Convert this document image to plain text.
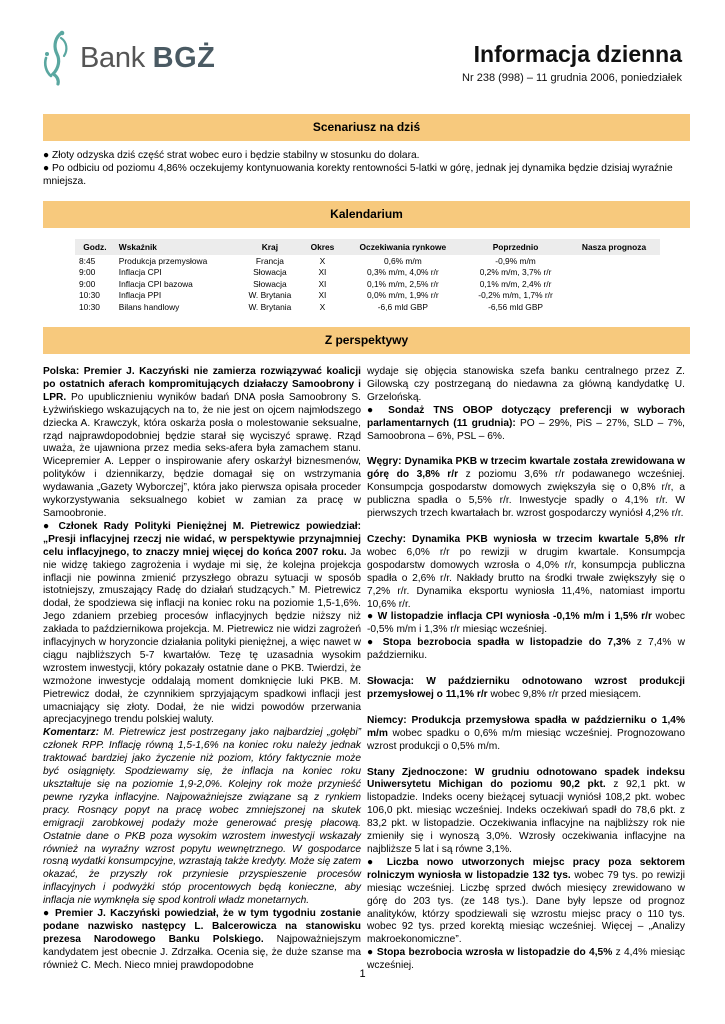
Bank BGŻ	Informacja dzienna
Nr 238 (998) – 11 grudnia 2006, poniedziałek
Scenariusz na dziś

● Złoty odzyska dziś część strat wobec euro i będzie stabilny w stosunku do dolara.

● Po odbiciu od poziomu 4,86% oczekujemy kontynuowania korekty rentowności 5-latki w górę, jednak jej dynamika będzie dzisiaj wyraźnie mniejsza.

Kalendarium
Godz.	Wskaźnik	Kraj	Okres	Oczekiwania rynkowe	Poprzednio	Nasza prognoza
8:45	Produkcja przemysłowa	Francja	X	0,6% m/m	-0,9% m/m	
9:00	Inflacja CPI	Słowacja	XI	0,3% m/m, 4,0% r/r	0,2% m/m, 3,7% r/r	
9:00	Inflacja CPI bazowa	Słowacja	XI	0,1% m/m, 2,5% r/r	0,1% m/m, 2,4% r/r	
10:30	Inflacja PPI	W. Brytania	XI	0,0% m/m, 1,9% r/r	-0,2% m/m, 1,7% r/r	
10:30	Bilans handlowy	W. Brytania	X	-6,6 mld GBP	-6,56 mld GBP	
Z perspektywy

Polska: Premier J. Kaczyński nie zamierza rozwiązywać koalicji po ostatnich aferach kompromitujących działaczy Samoobrony i LPR. Po upublicznieniu wyników badań DNA posła Samoobrony S. Łyżwińskiego wskazujących na to, że nie jest on ojcem najmłodszego dziecka A. Krawczyk, która oskarża posła o molestowanie seksualne, rząd najprawdopodobniej będzie starał się wyciszyć sprawę. Rząd uważa, że ujawniona przez media seks-afera była zamachem stanu. Wicepremier A. Lepper o inspirowanie afery oskarżył biznesmenów, polityków i dziennikarzy, będzie domagał się on wstrzymania wydawania „Gazety Wyborczej”, która jako pierwsza opisała proceder wykorzystywania seksualnego kobiet w zamian za pracę w Samoobronie.

● Członek Rady Polityki Pieniężnej M. Pietrewicz powiedział: „Presji inflacyjnej rzeczj nie widać, w perspektywie przynajmniej celu inflacyjnego, to znaczy mniej więcej do końca 2007 roku. Ja nie widzę takiego zagrożenia i wydaje mi się, że kolejna projekcja inflacji nie powinna zmienić przyszłego obrazu sytuacji w sposób istotniejszy, zmuszający Radę do działań studzących.” M. Pietrewicz dodał, że spodziewa się inflacji na koniec roku na poziomie 1,5-1,6%. Jego zdaniem przebieg procesów inflacyjnych będzie niższy niż zakłada to październikowa projekcja. M. Pietrewicz nie widzi zagrożeń inflacyjnych w horyzoncie działania polityki pieniężnej, a więc nawet w ciągu najbliższych 5-7 kwartałów. Tezę tę uzasadnia wysokim wzrostem inwestycji, który pokazały ostatnie dane o PKB. Twierdzi, że wzmożone inwestycje oddalają moment domknięcie luki PKB. M. Pietrewicz dodał, że czynnikiem sprzyjającym spadkowi inflacji jest umacniający się złoty. Dodał, że nie widzi powodów przerwania aprecjacyjnego trendu polskiej waluty.

Komentarz: M. Pietrewicz jest postrzegany jako najbardziej „gołębi” członek RPP. Inflację równą 1,5-1,6% na koniec roku należy jednak traktować bardziej jako życzenie niż poziom, który faktycznie może być osiągnięty. Spodziewamy się, że inflacja na koniec roku ukształtuje się na poziomie 1,9-2,0%. Kolejny rok może przynieść pewne ryzyka inflacyjne. Najpoważniejsze związane są z rynkiem pracy. Rosnący popyt na pracę wobec zmniejszonej na skutek emigracji zarobkowej podaży może generować presję płacową. Ostatnie dane o PKB poza wysokim wzrostem inwestycji wskazały również na wyraźny wzrost popytu wewnętrznego. W gospodarce rosną wydatki konsumpcyjne, wzrastają także kredyty. Może się zatem okazać, że przyszły rok przyniesie przyspieszenie procesów inflacyjnych i podwyżki stóp procentowych będą konieczne, aby inflacja nie wymknęła się spod kontroli władz monetarnych.

● Premier J. Kaczyński powiedział, że w tym tygodniu zostanie podane nazwisko następcy L. Balcerowicza na stanowisku prezesa Narodowego Banku Polskiego. Najpoważniejszym kandydatem jest obecnie J. Zdrzałka. Ocenia się, że duże szanse ma również C. Mech. Nieco mniej prawdopodobne

wydaje się objęcia stanowiska szefa banku centralnego przez Z. Gilowską czy postrzeganą do niedawna za główną kandydatkę U. Grzelońską.

● Sondaż TNS OBOP dotyczący preferencji w wyborach parlamentarnych (11 grudnia): PO – 29%, PiS – 27%, SLD – 7%, Samoobrona – 6%, PSL – 6%.

Węgry: Dynamika PKB w trzecim kwartale została zrewidowana w górę do 3,8% r/r z poziomu 3,6% r/r podawanego wcześniej. Konsumpcja gospodarstw domowych zwiększyła się o 0,8% r/r, a publiczna spadła o 5,5% r/r. Inwestycje spadły o 4,1% r/r. W pierwszych trzech kwartałach br. wzrost gospodarczy wyniósł 4,2% r/r.

Czechy: Dynamika PKB wyniosła w trzecim kwartale 5,8% r/r wobec 6,0% r/r po rewizji w drugim kwartale. Konsumpcja gospodarstw domowych wzrosła o 4,0% r/r, konsumpcja publiczna spadła o 2,6% r/r. Nakłady brutto na środki trwałe zwiększyły się o 7,2% r/r. Dynamika eksportu wyniosła 11,4%, natomiast importu 10,6% r/r.

● W listopadzie inflacja CPI wyniosła -0,1% m/m i 1,5% r/r wobec -0,5% m/m i 1,3% r/r miesiąc wcześniej.

● Stopa bezrobocia spadła w listopadzie do 7,3% z 7,4% w październiku.

Słowacja: W październiku odnotowano wzrost produkcji przemysłowej o 11,1% r/r wobec 9,8% r/r przed miesiącem.

Niemcy: Produkcja przemysłowa spadła w październiku o 1,4% m/m wobec spadku o 0,6% m/m miesiąc wcześniej. Prognozowano wzrost produkcji o 0,5% m/m.

Stany Zjednoczone: W grudniu odnotowano spadek indeksu Uniwersytetu Michigan do poziomu 90,2 pkt. z 92,1 pkt. w listopadzie. Indeks oceny bieżącej sytuacji wyniósł 108,2 pkt. wobec 106,0 pkt. miesiąc wcześniej. Indeks oczekiwań spadł do 78,6 pkt. z 83,2 pkt. w listopadzie. Oczekiwania inflacyjne na najbliższy rok nie zmieniły się i wynoszą 3,0%. Wzrosły oczekiwania inflacyjne na najbliższe 5 lat i są równe 3,1%.

● Liczba nowo utworzonych miejsc pracy poza sektorem rolniczym wyniosła w listopadzie 132 tys. wobec 79 tys. po rewizji miesiąc wcześniej. Liczbę sprzed dwóch miesięcy zrewidowano w górę do 203 tys. (ze 148 tys.). Dane były lepsze od prognoz analityków, którzy spodziewali się wzrostu miejsc pracy o 110 tys. wobec 92 tys. przed korektą miesiąc wcześniej. Więcej – „Analizy makroekonomiczne”.

● Stopa bezrobocia wzrosła w listopadzie do 4,5% z 4,4% miesiąc wcześniej.

1
